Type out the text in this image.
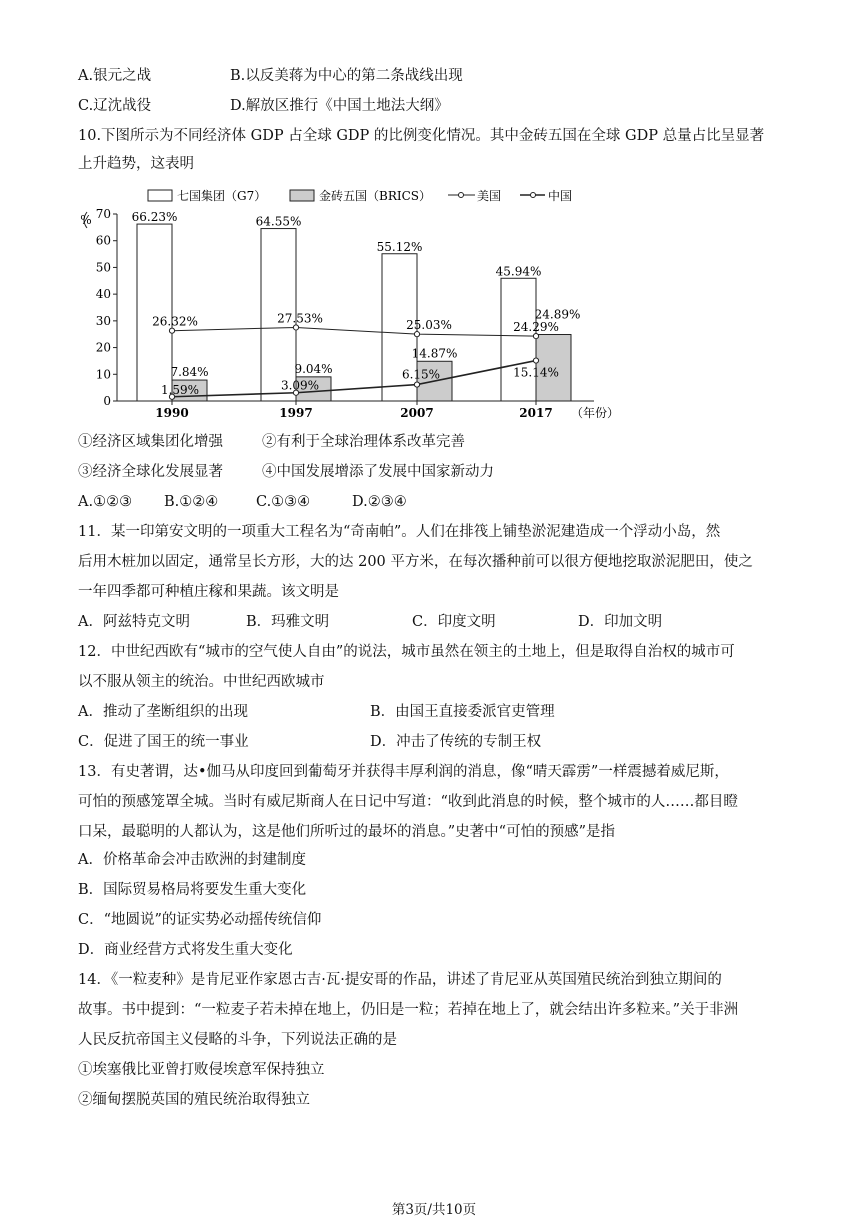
A.银元之战	B.以反美蒋为中心的第二条战线出现
C.辽沈战役	D.解放区推行《中国土地法大纲》
10.下图所示为不同经济体 GDP 占全球 GDP 的比例变化情况。其中金砖五国在全球 GDP 总量占比呈显著
上升趋势，这表明
七国集团（G7）	金砖五国（BRICS）	美国	中国
%
0
10
20
30
40
50
60
70
1990	1997	2007	2017
66.23%	64.55%
55.12%
45.94%
7.84%	9.04%
14.87%
24.89%
26.32%	27.53%	25.03%	24.29%
1.59%	3.09%
6.15%	15.14%
（年份）
①经济区域集团化增强	②有利于全球治理体系改革完善
③经济全球化发展显著	④中国发展增添了发展中国家新动力
A.①②③ B.①②④	C.①③④	D.②③④
11．某一印第安文明的一项重大工程名为“奇南帕”。人们在排筏上铺垫淤泥建造成一个浮动小岛，然
后用木桩加以固定，通常呈长方形，大的达 200 平方米，在每次播种前可以很方便地挖取淤泥肥田，使之
一年四季都可种植庄稼和果蔬。该文明是
A．阿兹特克文明	B．玛雅文明	C．印度文明	D．印加文明
12．中世纪西欧有“城市的空气使人自由”的说法，城市虽然在领主的土地上，但是取得自治权的城市可
以不服从领主的统治。中世纪西欧城市
A．推动了垄断组织的出现	B．由国王直接委派官吏管理
C．促进了国王的统一事业	D．冲击了传统的专制王权
13．有史著谓，达•伽马从印度回到葡萄牙并获得丰厚利润的消息，像“晴天霹雳”一样震撼着威尼斯，
可怕的预感笼罩全城。当时有威尼斯商人在日记中写道：“收到此消息的时候，整个城市的人……都目瞪
口呆，最聪明的人都认为，这是他们所听过的最坏的消息。”史著中“可怕的预感”是指
A．价格革命会冲击欧洲的封建制度
B．国际贸易格局将要发生重大变化
C．“地圆说”的证实势必动摇传统信仰
D．商业经营方式将发生重大变化
14．《一粒麦种》是肯尼亚作家恩古吉·瓦·提安哥的作品，讲述了肯尼亚从英国殖民统治到独立期间的
故事。书中提到：“一粒麦子若未掉在地上，仍旧是一粒；若掉在地上了，就会结出许多粒来。”关于非洲
人民反抗帝国主义侵略的斗争，下列说法正确的是
①埃塞俄比亚曾打败侵埃意军保持独立
②缅甸摆脱英国的殖民统治取得独立
第3页/共10页
